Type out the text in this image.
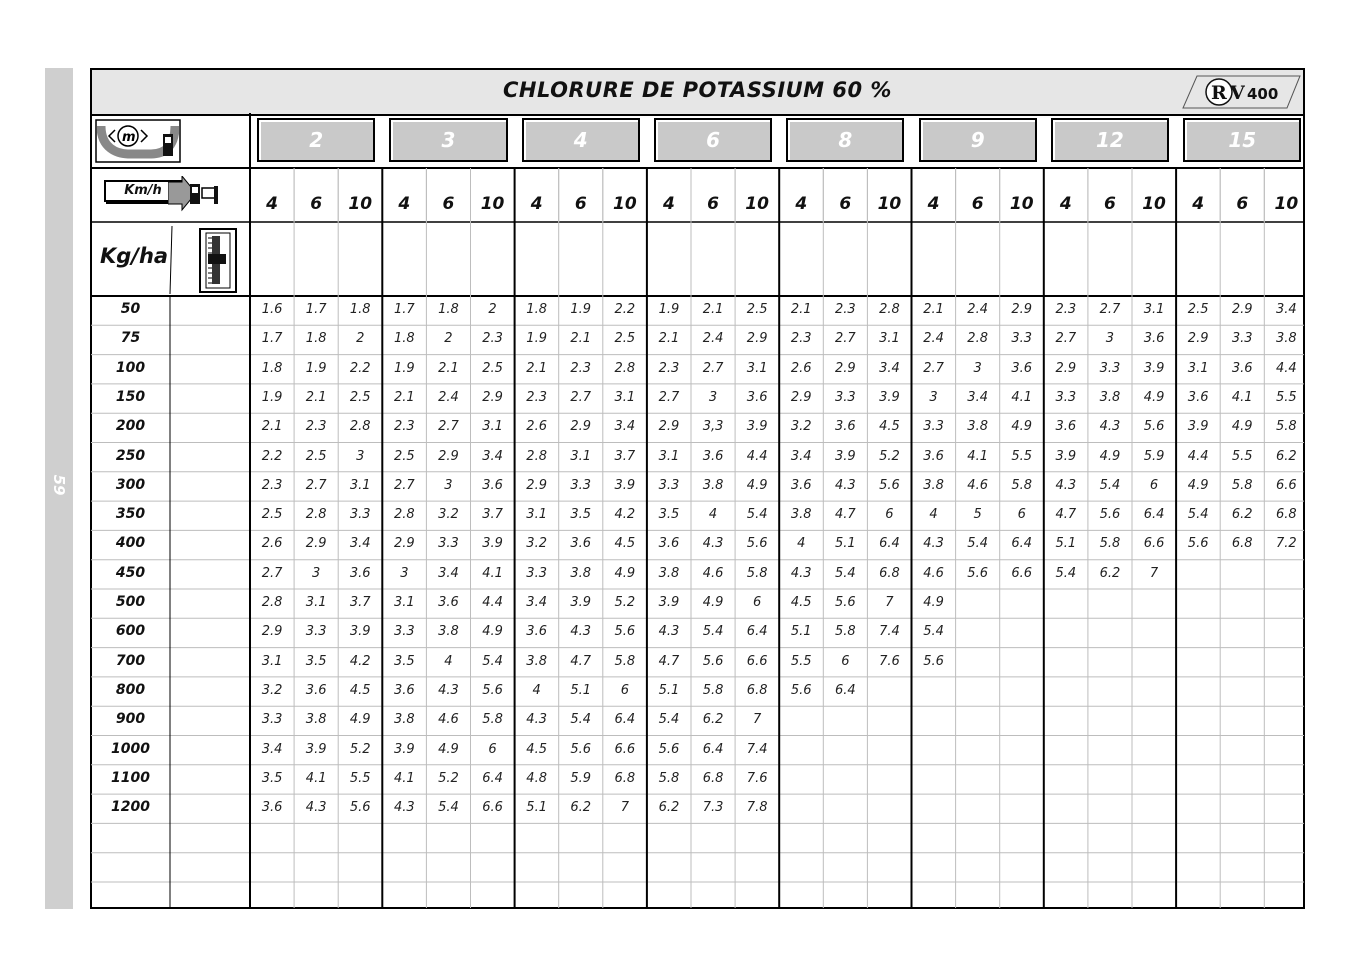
59
CHLORURE DE POTASSIUM 60 %	R V 400
m
Km/h
Kg/ha
2	3	4	6	8	9	12	15
4	6	10	4	6	10	4	6	10	4	6	10	4	6	10	4	6	10	4	6	10	4	6	10
50	1.6	1.7	1.8	1.7	1.8	2	1.8	1.9	2.2	1.9	2.1	2.5	2.1	2.3	2.8	2.1	2.4	2.9	2.3	2.7	3.1	2.5	2.9	3.4
75	1.7	1.8	2	1.8	2	2.3	1.9	2.1	2.5	2.1	2.4	2.9	2.3	2.7	3.1	2.4	2.8	3.3	2.7	3	3.6	2.9	3.3	3.8
100	1.8	1.9	2.2	1.9	2.1	2.5	2.1	2.3	2.8	2.3	2.7	3.1	2.6	2.9	3.4	2.7	3	3.6	2.9	3.3	3.9	3.1	3.6	4.4
150	1.9	2.1	2.5	2.1	2.4	2.9	2.3	2.7	3.1	2.7	3	3.6	2.9	3.3	3.9	3	3.4	4.1	3.3	3.8	4.9	3.6	4.1	5.5
200	2.1	2.3	2.8	2.3	2.7	3.1	2.6	2.9	3.4	2.9	3,3	3.9	3.2	3.6	4.5	3.3	3.8	4.9	3.6	4.3	5.6	3.9	4.9	5.8
250	2.2	2.5	3	2.5	2.9	3.4	2.8	3.1	3.7	3.1	3.6	4.4	3.4	3.9	5.2	3.6	4.1	5.5	3.9	4.9	5.9	4.4	5.5	6.2
300	2.3	2.7	3.1	2.7	3	3.6	2.9	3.3	3.9	3.3	3.8	4.9	3.6	4.3	5.6	3.8	4.6	5.8	4.3	5.4	6	4.9	5.8	6.6
350	2.5	2.8	3.3	2.8	3.2	3.7	3.1	3.5	4.2	3.5	4	5.4	3.8	4.7	6	4	5	6	4.7	5.6	6.4	5.4	6.2	6.8
400	2.6	2.9	3.4	2.9	3.3	3.9	3.2	3.6	4.5	3.6	4.3	5.6	4	5.1	6.4	4.3	5.4	6.4	5.1	5.8	6.6	5.6	6.8	7.2
450	2.7	3	3.6	3	3.4	4.1	3.3	3.8	4.9	3.8	4.6	5.8	4.3	5.4	6.8	4.6	5.6	6.6	5.4	6.2	7
500	2.8	3.1	3.7	3.1	3.6	4.4	3.4	3.9	5.2	3.9	4.9	6	4.5	5.6	7	4.9
600	2.9	3.3	3.9	3.3	3.8	4.9	3.6	4.3	5.6	4.3	5.4	6.4	5.1	5.8	7.4	5.4
700	3.1	3.5	4.2	3.5	4	5.4	3.8	4.7	5.8	4.7	5.6	6.6	5.5	6	7.6	5.6
800	3.2	3.6	4.5	3.6	4.3	5.6	4	5.1	6	5.1	5.8	6.8	5.6	6.4
900	3.3	3.8	4.9	3.8	4.6	5.8	4.3	5.4	6.4	5.4	6.2	7
1000	3.4	3.9	5.2	3.9	4.9	6	4.5	5.6	6.6	5.6	6.4	7.4
1100	3.5	4.1	5.5	4.1	5.2	6.4	4.8	5.9	6.8	5.8	6.8	7.6
1200	3.6	4.3	5.6	4.3	5.4	6.6	5.1	6.2	7	6.2	7.3	7.8
